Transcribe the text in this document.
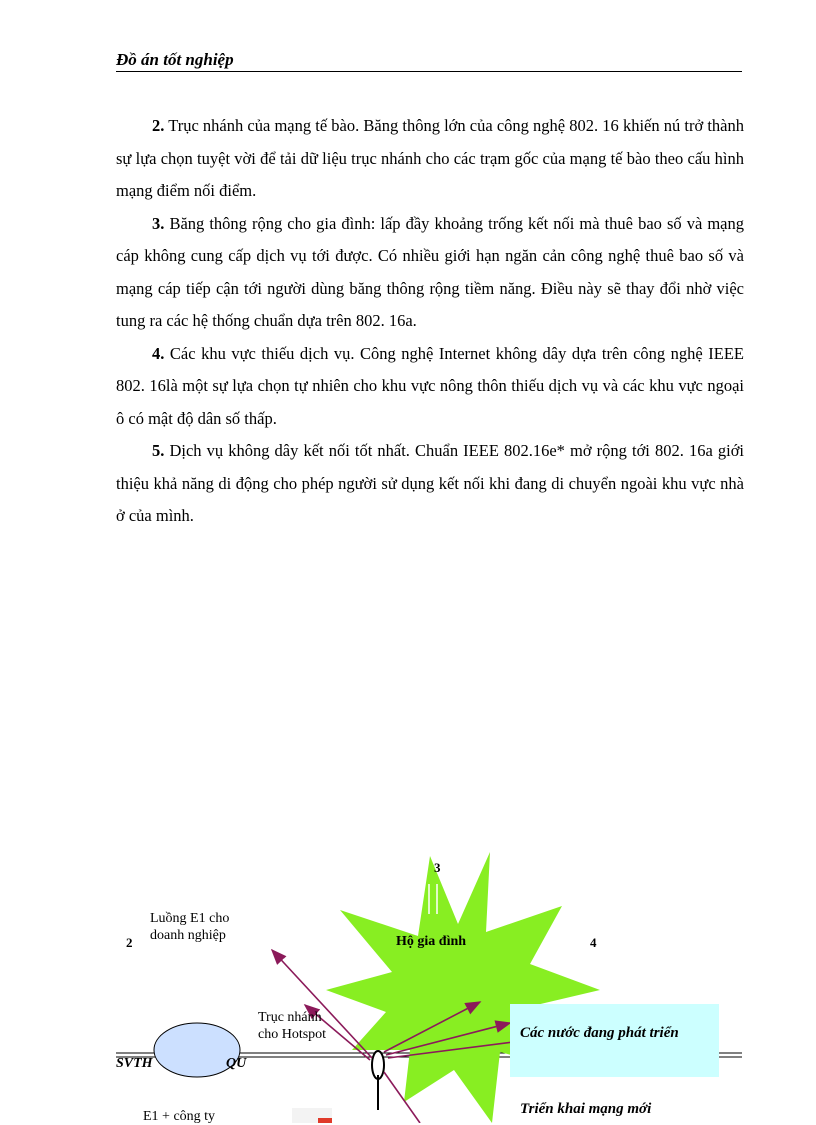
Đồ án tốt nghiệp

2. Trục nhánh của mạng tế bào. Băng thông lớn của công nghệ 802. 16 khiến nú trở thành sự lựa chọn tuyệt vời để tải dữ liệu trục nhánh cho các trạm gốc của mạng tế bào theo cấu hình mạng điểm nối điểm.

3. Băng thông rộng cho gia đình: lấp đầy khoảng trống kết nối mà thuê bao số và mạng cáp không cung cấp dịch vụ tới được. Có nhiều giới hạn ngăn cản công nghệ thuê bao số và mạng cáp tiếp cận tới người dùng băng thông rộng tiềm năng. Điều này sẽ thay đổi nhờ việc tung ra các hệ thống chuẩn dựa trên 802. 16a.

4. Các khu vực thiếu dịch vụ. Công nghệ Internet không dây dựa trên công nghệ IEEE 802. 16là một sự lựa chọn tự nhiên cho khu vực nông thôn thiếu dịch vụ và các khu vực ngoại ô có mật độ dân số thấp.

5. Dịch vụ không dây kết nối tốt nhất. Chuẩn IEEE 802.16e* mở rộng tới 802. 16a giới thiệu khả năng di động cho phép người sử dụng kết nối khi đang di chuyển ngoài khu vực nhà ở của mình.

3
2	4
Luồng E1 cho
doanh nghiệp	Hộ gia đình
Trục nhánh
cho Hotspot	Các nước đang phát triển
SVTH	QU
Triển khai mạng mới
E1 + công ty
